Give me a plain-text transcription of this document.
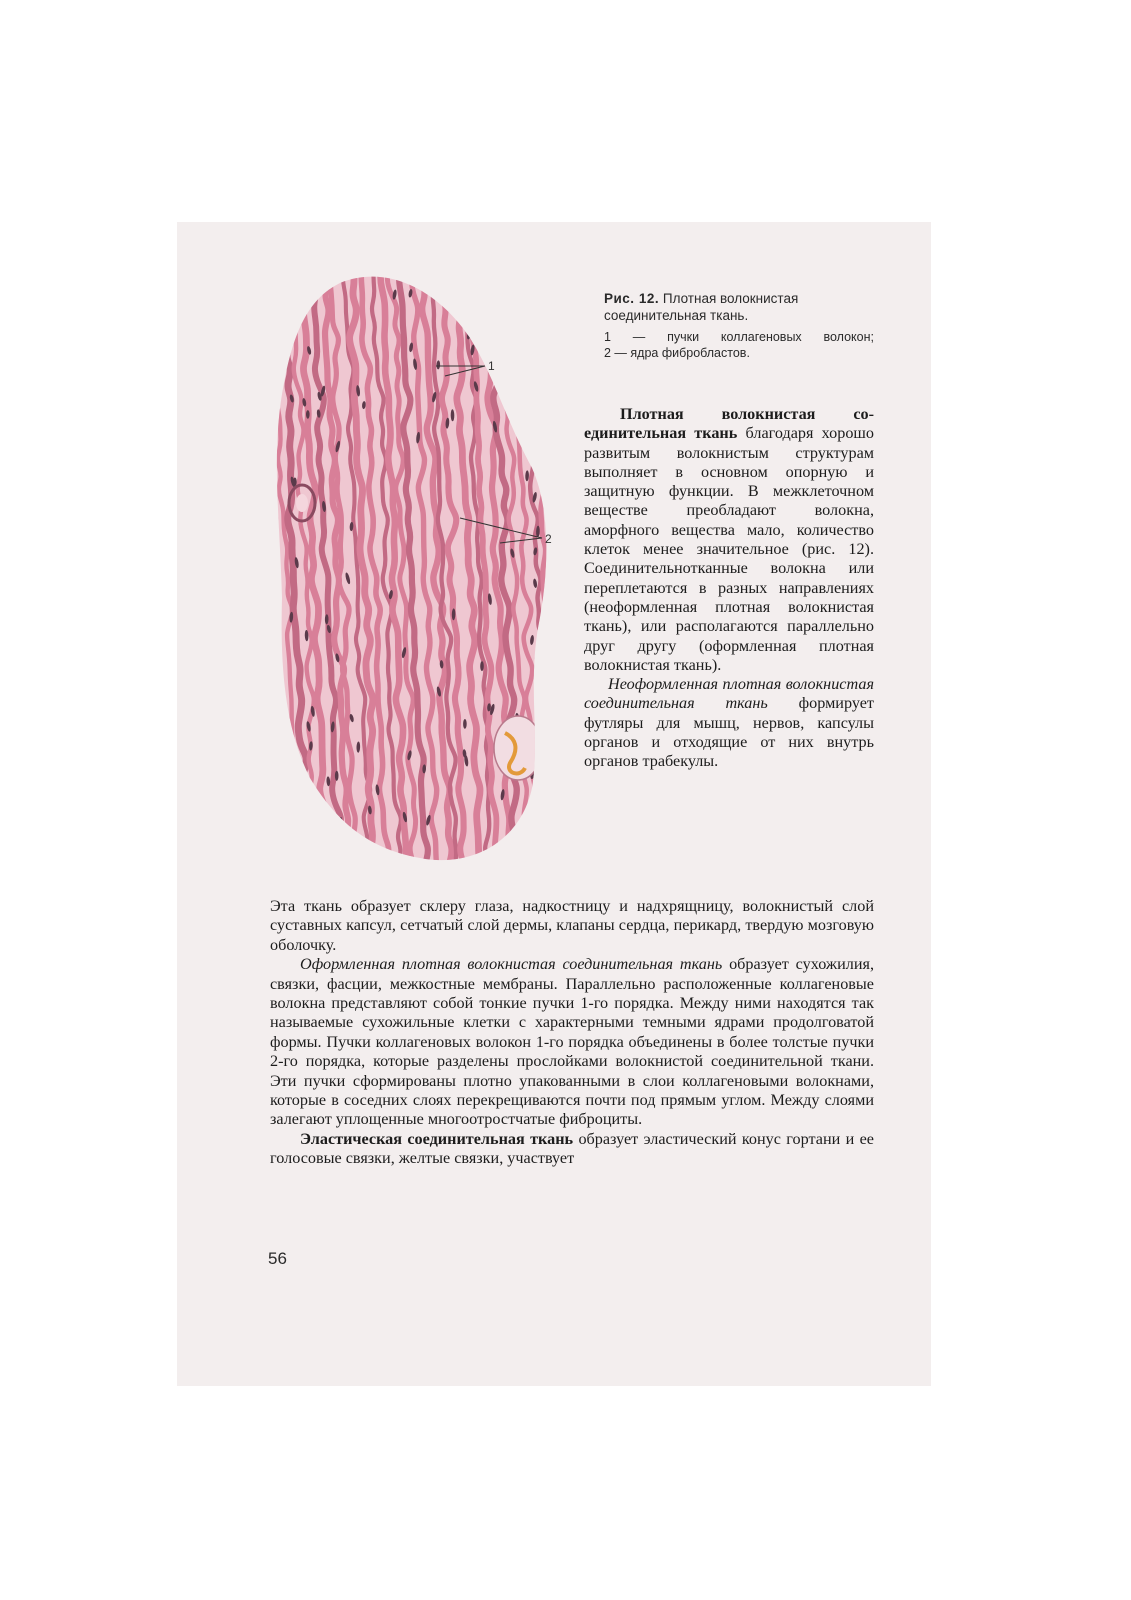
1
2

Рис. 12. Плотная волокнистая соединительная ткань.

1 — пучки коллагеновых волокон;
2 — ядра фибробластов.

Плотная волокнистая соединительная ткань благодаря хорошо развитым волокнистым структурам выполняет в основном опорную и защитную функции. В межклеточном веществе преобладают волокна, аморфного вещества мало, количество клеток менее значительное (рис. 12). Соединительнотканные волокна или переплетаются в разных направлениях (неоформленная плотная волокнистая ткань), или располагаются параллельно друг другу (оформленная плотная волокнистая ткань).

Неоформленная плотная волокнистая соединительная ткань формирует футляры для мышц, нервов, капсулы органов и отходящие от них внутрь органов трабекулы.

Эта ткань образует склеру глаза, надкостницу и надхрящницу, волокнистый слой суставных капсул, сетчатый слой дермы, клапаны сердца, перикард, твердую мозговую оболочку.

Оформленная плотная волокнистая соединительная ткань образует сухожилия, связки, фасции, межкостные мембраны. Параллельно расположенные коллагеновые волокна представляют собой тонкие пучки 1-го порядка. Между ними находятся так называемые сухожильные клетки с характерными темными ядрами продолговатой формы. Пучки коллагеновых волокон 1-го порядка объединены в более толстые пучки 2-го порядка, которые разделены прослойками волокнистой соединительной ткани. Эти пучки сформированы плотно упакованными в слои коллагеновыми волокнами, которые в соседних слоях перекрещиваются почти под прямым углом. Между слоями залегают уплощенные многоотростчатые фиброциты.

Эластическая соединительная ткань образует эластический конус гортани и ее голосовые связки, желтые связки, участвует

56
